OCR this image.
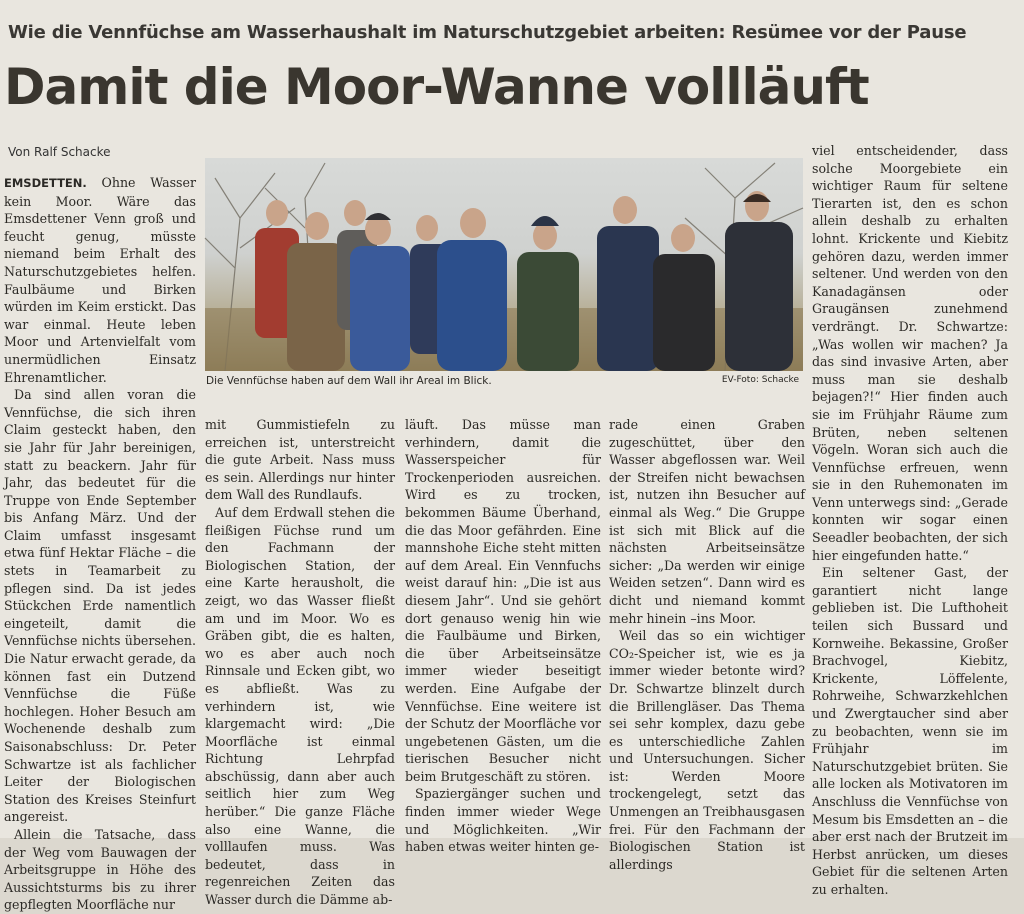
Wie die Vennfüchse am Wasserhaushalt im Naturschutzgebiet arbeiten: Resümee vor der Pause
Damit die Moor-Wanne vollläuft
Von Ralf Schacke
Die Vennfüchse haben auf dem Wall ihr Areal im Blick.	EV-Foto: Schacke

EMSDETTEN. Ohne Wasser kein Moor. Wäre das Emsdettener Venn groß und feucht genug, müsste niemand beim Erhalt des Naturschutzgebietes helfen. Faulbäume und Birken würden im Keim erstickt. Das war einmal. Heute leben Moor und Artenvielfalt vom unermüdlichen Einsatz Ehrenamtlicher.

Da sind allen voran die Vennfüchse, die sich ihren Claim gesteckt haben, den sie Jahr für Jahr bereinigen, statt zu beackern. Jahr für Jahr, das bedeutet für die Truppe von Ende September bis Anfang März. Und der Claim umfasst insgesamt etwa fünf Hektar Fläche – die stets in Teamarbeit zu pflegen sind. Da ist jedes Stückchen Erde namentlich eingeteilt, damit die Vennfüchse nichts übersehen. Die Natur erwacht gerade, da können fast ein Dutzend Vennfüchse die Füße hochlegen. Hoher Besuch am Wochenende deshalb zum Saisonabschluss: Dr. Peter Schwartze ist als fachlicher Leiter der Biologischen Station des Kreises Steinfurt angereist.

Allein die Tatsache, dass der Weg vom Bauwagen der Arbeitsgruppe in Höhe des Aussichtsturms bis zu ihrer gepflegten Moorfläche nur

mit Gummistiefeln zu erreichen ist, unterstreicht die gute Arbeit. Nass muss es sein. Allerdings nur hinter dem Wall des Rundlaufs.

Auf dem Erdwall stehen die fleißigen Füchse rund um den Fachmann der Biologischen Station, der eine Karte herausholt, die zeigt, wo das Wasser fließt am und im Moor. Wo es Gräben gibt, die es halten, wo es aber auch noch Rinnsale und Ecken gibt, wo es abfließt. Was zu verhindern ist, wie klargemacht wird: „Die Moorfläche ist einmal Richtung Lehrpfad abschüssig, dann aber auch seitlich hier zum Weg herüber.“ Die ganze Fläche also eine Wanne, die volllaufen muss. Was bedeutet, dass in regenreichen Zeiten das Wasser durch die Dämme ab-

läuft. Das müsse man verhindern, damit die Wasserspeicher für Trockenperioden ausreichen. Wird es zu trocken, bekommen Bäume Überhand, die das Moor gefährden. Eine mannshohe Eiche steht mitten auf dem Areal. Ein Vennfuchs weist darauf hin: „Die ist aus diesem Jahr“. Und sie gehört dort genauso wenig hin wie die Faulbäume und Birken, die über Arbeitseinsätze immer wieder beseitigt werden. Eine Aufgabe der Vennfüchse. Eine weitere ist der Schutz der Moorfläche vor ungebetenen Gästen, um die tierischen Besucher nicht beim Brutgeschäft zu stören.

Spaziergänger suchen und finden immer wieder Wege und Möglichkeiten. „Wir haben etwas weiter hinten ge-

rade einen Graben zugeschüttet, über den Wasser abgeflossen war. Weil der Streifen nicht bewachsen ist, nutzen ihn Besucher auf einmal als Weg.“ Die Gruppe ist sich mit Blick auf die nächsten Arbeitseinsätze sicher: „Da werden wir einige Weiden setzen“. Dann wird es dicht und niemand kommt mehr hinein –ins Moor.

Weil das so ein wichtiger CO₂-Speicher ist, wie es ja immer wieder betonte wird? Dr. Schwartze blinzelt durch die Brillengläser. Das Thema sei sehr komplex, dazu gebe es unterschiedliche Zahlen und Untersuchungen. Sicher ist: Werden Moore trockengelegt, setzt das Unmengen an Treibhausgasen frei. Für den Fachmann der Biologischen Station ist allerdings

viel entscheidender, dass solche Moorgebiete ein wichtiger Raum für seltene Tierarten ist, den es schon allein deshalb zu erhalten lohnt. Krickente und Kiebitz gehören dazu, werden immer seltener. Und werden von den Kanadagänsen oder Graugänsen zunehmend verdrängt. Dr. Schwartze: „Was wollen wir machen? Ja das sind invasive Arten, aber muss man sie deshalb bejagen?!“ Hier finden auch sie im Frühjahr Räume zum Brüten, neben seltenen Vögeln. Woran sich auch die Vennfüchse erfreuen, wenn sie in den Ruhemonaten im Venn unterwegs sind: „Gerade konnten wir sogar einen Seeadler beobachten, der sich hier eingefunden hatte.“

Ein seltener Gast, der garantiert nicht lange geblieben ist. Die Lufthoheit teilen sich Bussard und Kornweihe. Bekassine, Großer Brachvogel, Kiebitz, Krickente, Löffelente, Rohrweihe, Schwarzkehlchen und Zwergtaucher sind aber zu beobachten, wenn sie im Frühjahr im Naturschutzgebiet brüten. Sie alle locken als Motivatoren im Anschluss die Vennfüchse von Mesum bis Emsdetten an – die aber erst nach der Brutzeit im Herbst anrücken, um dieses Gebiet für die seltenen Arten zu erhalten.
